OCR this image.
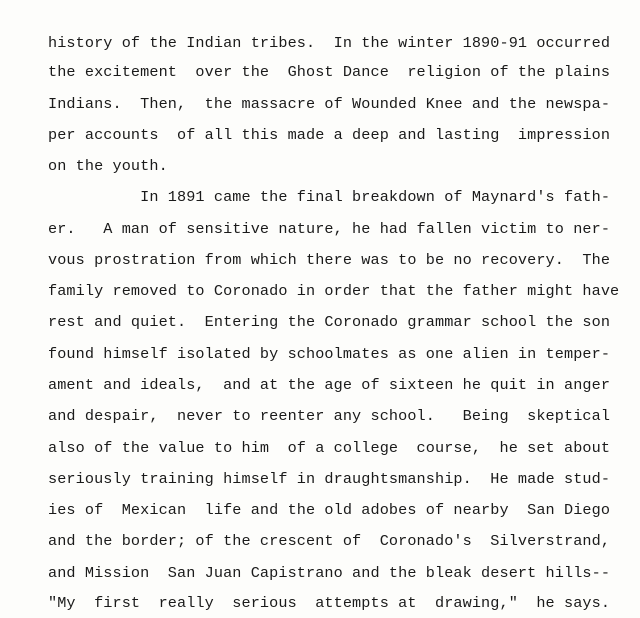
history of the Indian tribes.  In the winter 1890-91 occurred
the excitement  over the  Ghost Dance  religion of the plains
Indians.  Then,  the massacre of Wounded Knee and the newspa-
per accounts  of all this made a deep and lasting  impression
on the youth.
In 1891 came the final breakdown of Maynard's fath-
er.   A man of sensitive nature, he had fallen victim to ner-
vous prostration from which there was to be no recovery.  The
family removed to Coronado in order that the father might have
rest and quiet.  Entering the Coronado grammar school the son
found himself isolated by schoolmates as one alien in temper-
ament and ideals,  and at the age of sixteen he quit in anger
and despair,  never to reenter any school.   Being  skeptical
also of the value to him  of a college  course,  he set about
seriously training himself in draughtsmanship.  He made stud-
ies of  Mexican  life and the old adobes of nearby  San Diego
and the border; of the crescent of  Coronado's  Silverstrand,
and Mission  San Juan Capistrano and the bleak desert hills--
"My  first  really  serious  attempts at  drawing,"  he says.
